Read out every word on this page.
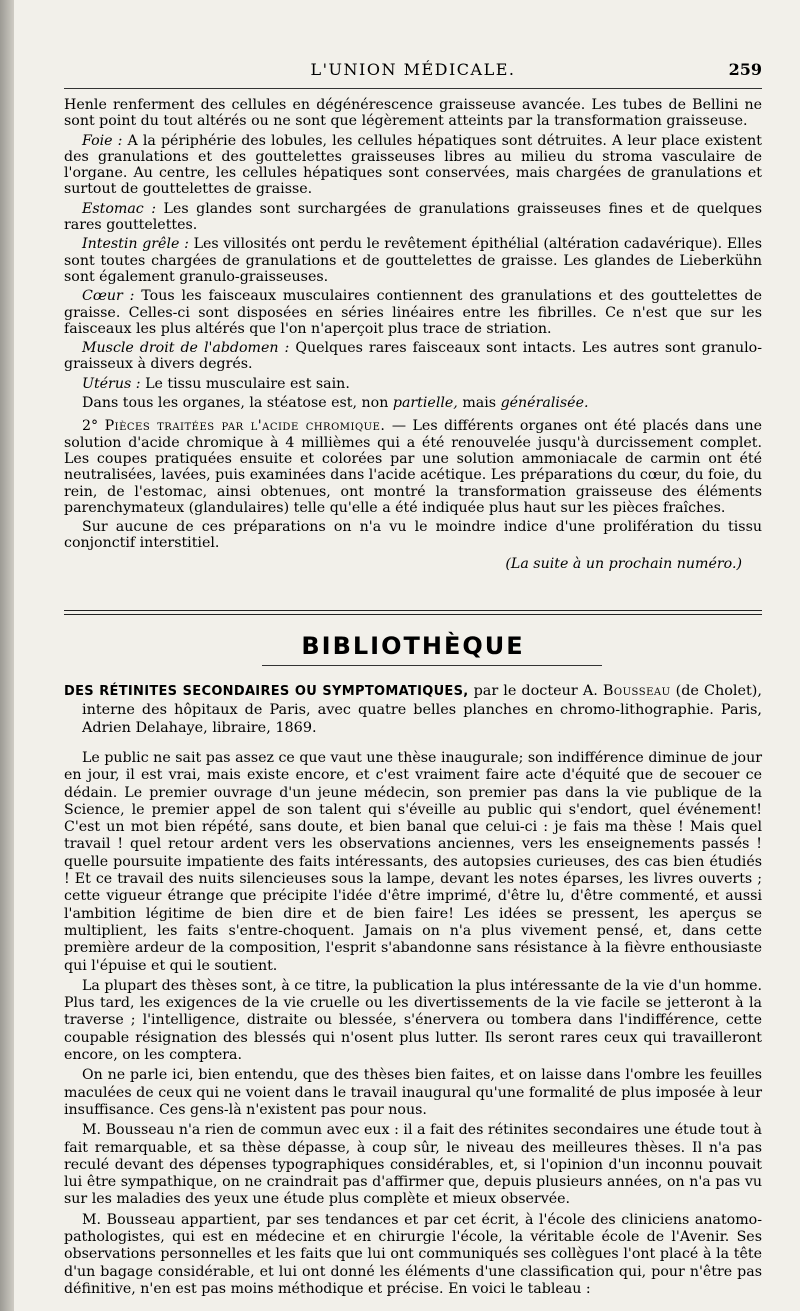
L'UNION MÉDICALE.	259

Henle renferment des cellules en dégénérescence graisseuse avancée. Les tubes de Bellini ne sont point du tout altérés ou ne sont que légèrement atteints par la transformation graisseuse.

Foie : A la périphérie des lobules, les cellules hépatiques sont détruites. A leur place existent des granulations et des gouttelettes graisseuses libres au milieu du stroma vasculaire de l'organe. Au centre, les cellules hépatiques sont conservées, mais chargées de granulations et surtout de gouttelettes de graisse.

Estomac : Les glandes sont surchargées de granulations graisseuses fines et de quelques rares gouttelettes.

Intestin grêle : Les villosités ont perdu le revêtement épithélial (altération cadavérique). Elles sont toutes chargées de granulations et de gouttelettes de graisse. Les glandes de Lieberkühn sont également granulo-graisseuses.

Cœur : Tous les faisceaux musculaires contiennent des granulations et des gouttelettes de graisse. Celles-ci sont disposées en séries linéaires entre les fibrilles. Ce n'est que sur les faisceaux les plus altérés que l'on n'aperçoit plus trace de striation.

Muscle droit de l'abdomen : Quelques rares faisceaux sont intacts. Les autres sont granulo-graisseux à divers degrés.

Utérus : Le tissu musculaire est sain.

Dans tous les organes, la stéatose est, non partielle, mais généralisée.

2° Pièces traitées par l'acide chromique. — Les différents organes ont été placés dans une solution d'acide chromique à 4 millièmes qui a été renouvelée jusqu'à durcissement complet. Les coupes pratiquées ensuite et colorées par une solution ammoniacale de carmin ont été neutralisées, lavées, puis examinées dans l'acide acétique. Les préparations du cœur, du foie, du rein, de l'estomac, ainsi obtenues, ont montré la transformation graisseuse des éléments parenchymateux (glandulaires) telle qu'elle a été indiquée plus haut sur les pièces fraîches.

Sur aucune de ces préparations on n'a vu le moindre indice d'une prolifération du tissu conjonctif interstitiel.

(La suite à un prochain numéro.)

BIBLIOTHÈQUE

DES RÉTINITES SECONDAIRES OU SYMPTOMATIQUES, par le docteur A. Bousseau (de Cholet), interne des hôpitaux de Paris, avec quatre belles planches en chromo-lithographie. Paris, Adrien Delahaye, libraire, 1869.

Le public ne sait pas assez ce que vaut une thèse inaugurale; son indifférence diminue de jour en jour, il est vrai, mais existe encore, et c'est vraiment faire acte d'équité que de secouer ce dédain. Le premier ouvrage d'un jeune médecin, son premier pas dans la vie publique de la Science, le premier appel de son talent qui s'éveille au public qui s'endort, quel événement! C'est un mot bien répété, sans doute, et bien banal que celui-ci : je fais ma thèse ! Mais quel travail ! quel retour ardent vers les observations anciennes, vers les enseignements passés ! quelle poursuite impatiente des faits intéressants, des autopsies curieuses, des cas bien étudiés ! Et ce travail des nuits silencieuses sous la lampe, devant les notes éparses, les livres ouverts ; cette vigueur étrange que précipite l'idée d'être imprimé, d'être lu, d'être commenté, et aussi l'ambition légitime de bien dire et de bien faire! Les idées se pressent, les aperçus se multiplient, les faits s'entre-choquent. Jamais on n'a plus vivement pensé, et, dans cette première ardeur de la composition, l'esprit s'abandonne sans résistance à la fièvre enthousiaste qui l'épuise et qui le soutient.

La plupart des thèses sont, à ce titre, la publication la plus intéressante de la vie d'un homme. Plus tard, les exigences de la vie cruelle ou les divertissements de la vie facile se jetteront à la traverse ; l'intelligence, distraite ou blessée, s'énervera ou tombera dans l'indifférence, cette coupable résignation des blessés qui n'osent plus lutter. Ils seront rares ceux qui travailleront encore, on les comptera.

On ne parle ici, bien entendu, que des thèses bien faites, et on laisse dans l'ombre les feuilles maculées de ceux qui ne voient dans le travail inaugural qu'une formalité de plus imposée à leur insuffisance. Ces gens-là n'existent pas pour nous.

M. Bousseau n'a rien de commun avec eux : il a fait des rétinites secondaires une étude tout à fait remarquable, et sa thèse dépasse, à coup sûr, le niveau des meilleures thèses. Il n'a pas reculé devant des dépenses typographiques considérables, et, si l'opinion d'un inconnu pouvait lui être sympathique, on ne craindrait pas d'affirmer que, depuis plusieurs années, on n'a pas vu sur les maladies des yeux une étude plus complète et mieux observée.

M. Bousseau appartient, par ses tendances et par cet écrit, à l'école des cliniciens anatomo-pathologistes, qui est en médecine et en chirurgie l'école, la véritable école de l'Avenir. Ses observations personnelles et les faits que lui ont communiqués ses collègues l'ont placé à la tête d'un bagage considérable, et lui ont donné les éléments d'une classification qui, pour n'être pas définitive, n'en est pas moins méthodique et précise. En voici le tableau :
